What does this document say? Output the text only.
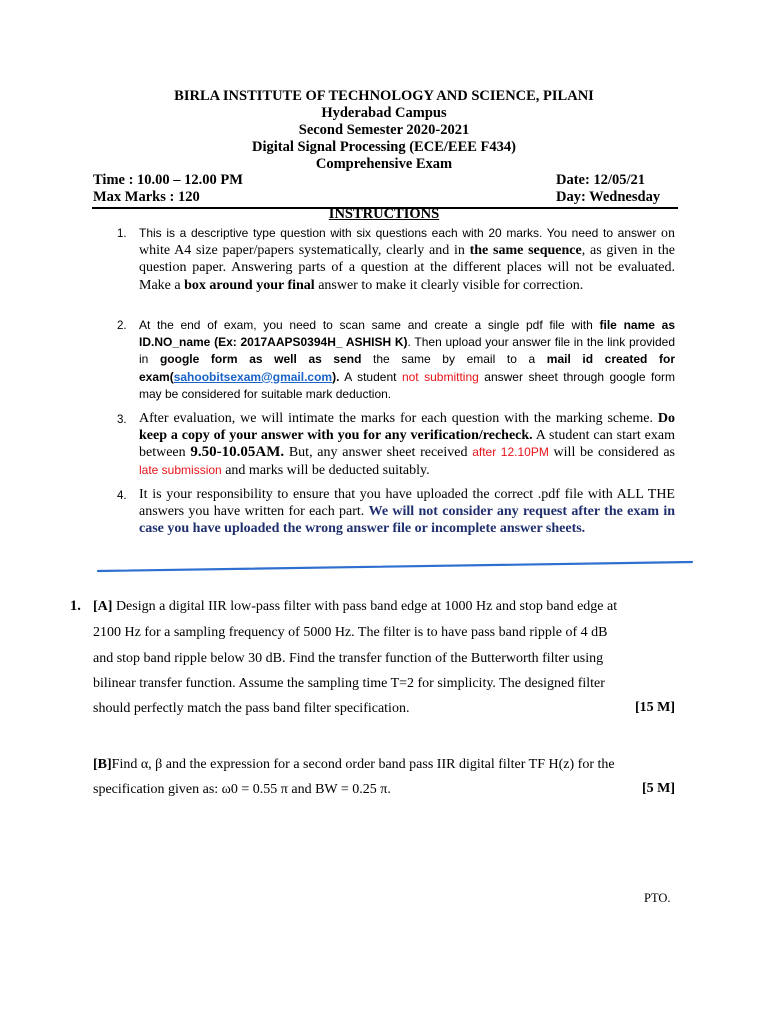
BIRLA INSTITUTE OF TECHNOLOGY AND SCIENCE, PILANI
Hyderabad Campus
Second Semester 2020-2021
Digital Signal Processing (ECE/EEE F434)
Comprehensive Exam
Time : 10.00 – 12.00 PM
Max Marks : 120
Date: 12/05/21
Day: Wednesday
INSTRUCTIONS
1. This is a descriptive type question with six questions each with 20 marks. You need to answer on white A4 size paper/papers systematically, clearly and in the same sequence, as given in the question paper. Answering parts of a question at the different places will not be evaluated. Make a box around your final answer to make it clearly visible for correction.
2. At the end of exam, you need to scan same and create a single pdf file with file name as ID.NO_name (Ex: 2017AAPS0394H_ ASHISH K). Then upload your answer file in the link provided in google form as well as send the same by email to a mail id created for exam(sahoobitsexam@gmail.com). A student not submitting answer sheet through google form may be considered for suitable mark deduction.
3. After evaluation, we will intimate the marks for each question with the marking scheme. Do keep a copy of your answer with you for any verification/recheck. A student can start exam between 9.50-10.05AM. But, any answer sheet received after 12.10PM will be considered as late submission and marks will be deducted suitably.
4. It is your responsibility to ensure that you have uploaded the correct .pdf file with ALL THE answers you have written for each part. We will not consider any request after the exam in case you have uploaded the wrong answer file or incomplete answer sheets.
1. [A] Design a digital IIR low-pass filter with pass band edge at 1000 Hz and stop band edge at
2100 Hz for a sampling frequency of 5000 Hz. The filter is to have pass band ripple of 4 dB
and stop band ripple below 30 dB. Find the transfer function of the Butterworth filter using
bilinear transfer function. Assume the sampling time T=2 for simplicity. The designed filter
should perfectly match the pass band filter specification.	[15 M]
[B]Find α, β and the expression for a second order band pass IIR digital filter TF H(z) for the
specification given as: ω0 = 0.55 π and BW = 0.25 π.	[5 M]
PTO.
